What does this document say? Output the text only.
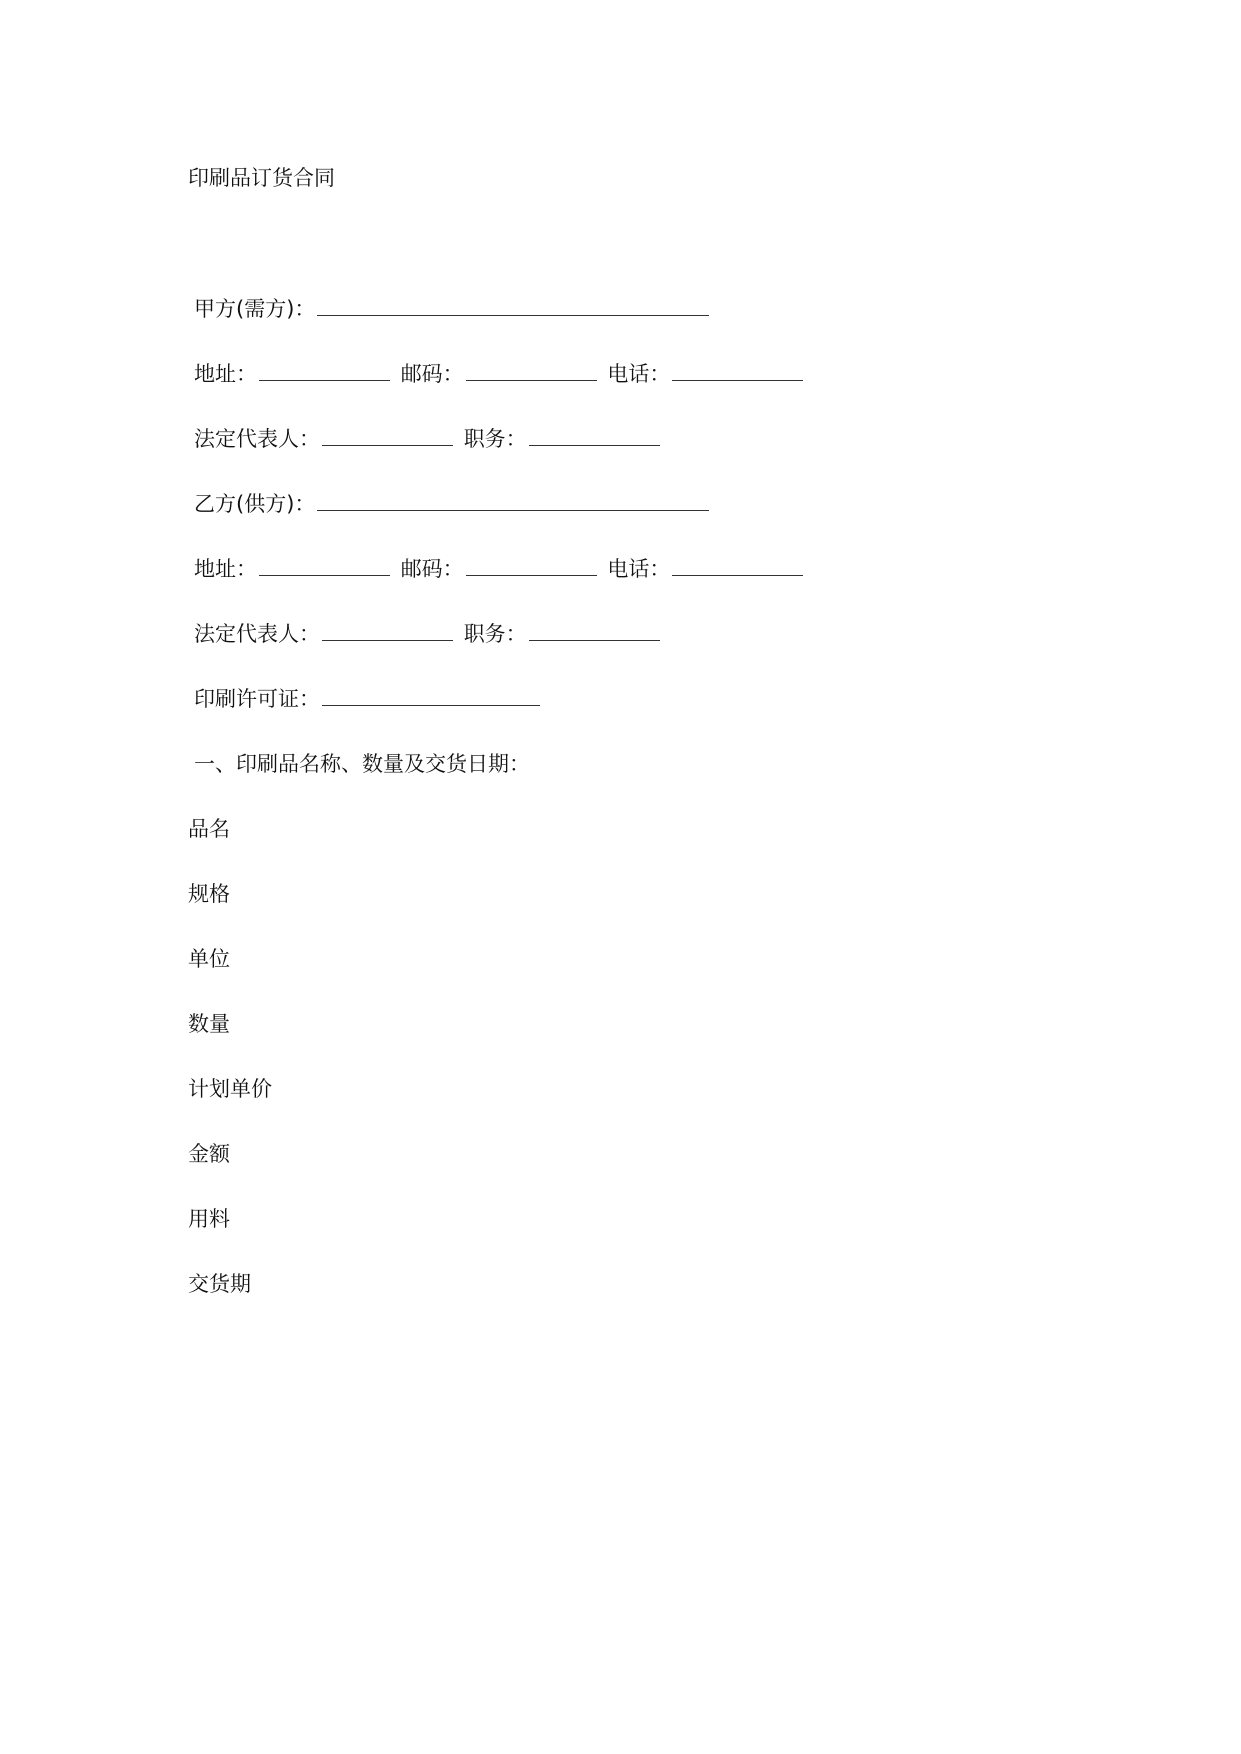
印刷品订货合同
甲方(需方)：
地址：	邮码：	电话：
法定代表人：	职务：
乙方(供方)：
地址：	邮码：	电话：
法定代表人：	职务：
印刷许可证：
一、印刷品名称、数量及交货日期：
品名
规格
单位
数量
计划单价
金额
用料
交货期
